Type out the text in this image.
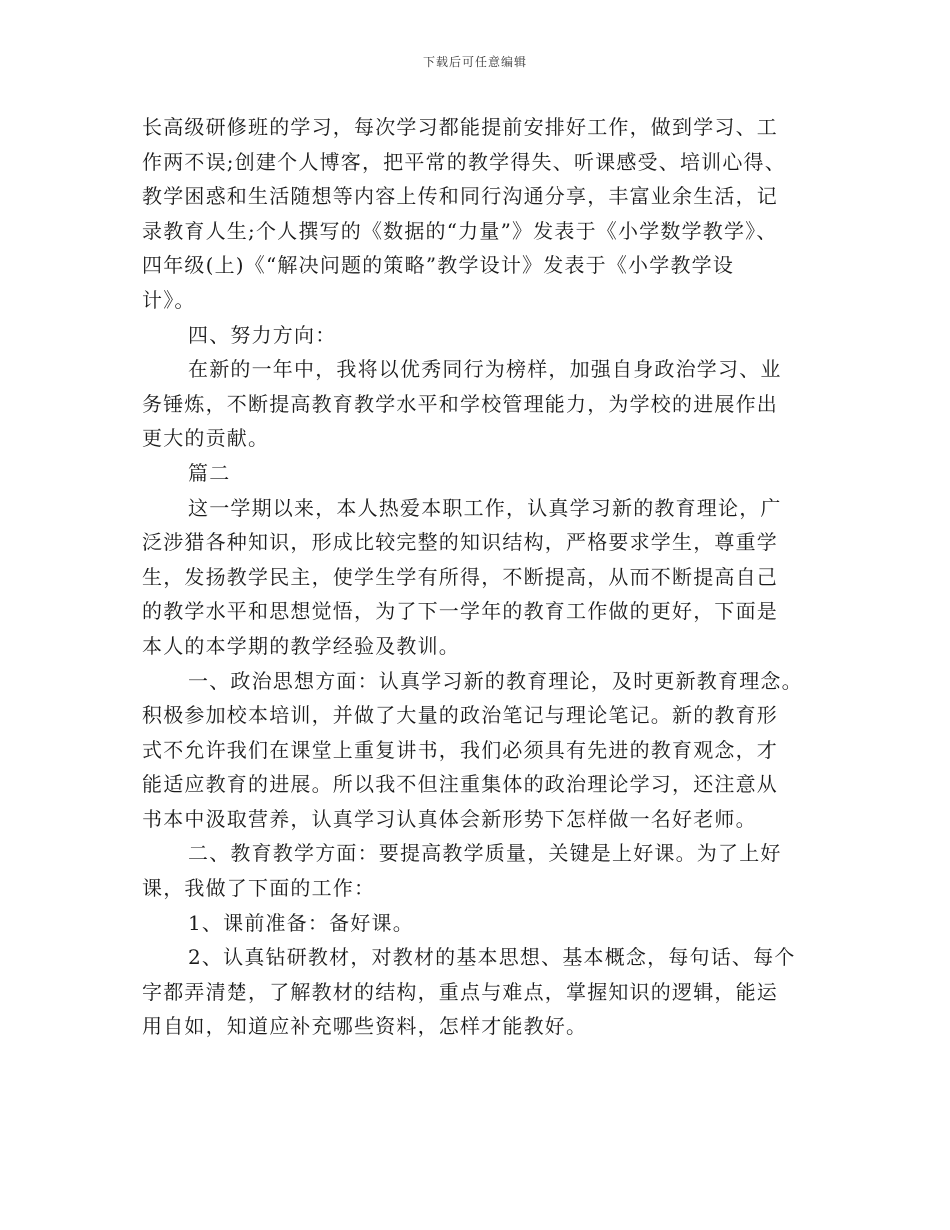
下载后可任意编辑
长高级研修班的学习，每次学习都能提前安排好工作，做到学习、工
作两不误;创建个人博客，把平常的教学得失、听课感受、培训心得、
教学困惑和生活随想等内容上传和同行沟通分享，丰富业余生活，记
录教育人生;个人撰写的《数据的“力量”》发表于《小学数学教学》、
四年级(上)《“解决问题的策略”教学设计》发表于《小学教学设
计》。
四、努力方向：
在新的一年中，我将以优秀同行为榜样，加强自身政治学习、业
务锤炼，不断提高教育教学水平和学校管理能力，为学校的进展作出
更大的贡献。
篇二
这一学期以来，本人热爱本职工作，认真学习新的教育理论，广
泛涉猎各种知识，形成比较完整的知识结构，严格要求学生，尊重学
生，发扬教学民主，使学生学有所得，不断提高，从而不断提高自己
的教学水平和思想觉悟，为了下一学年的教育工作做的更好，下面是
本人的本学期的教学经验及教训。
一、政治思想方面：认真学习新的教育理论，及时更新教育理念。
积极参加校本培训，并做了大量的政治笔记与理论笔记。新的教育形
式不允许我们在课堂上重复讲书，我们必须具有先进的教育观念，才
能适应教育的进展。所以我不但注重集体的政治理论学习，还注意从
书本中汲取营养，认真学习认真体会新形势下怎样做一名好老师。
二、教育教学方面：要提高教学质量，关键是上好课。为了上好
课，我做了下面的工作：
1、课前准备：备好课。
2、认真钻研教材，对教材的基本思想、基本概念，每句话、每个
字都弄清楚，了解教材的结构，重点与难点，掌握知识的逻辑，能运
用自如，知道应补充哪些资料，怎样才能教好。
